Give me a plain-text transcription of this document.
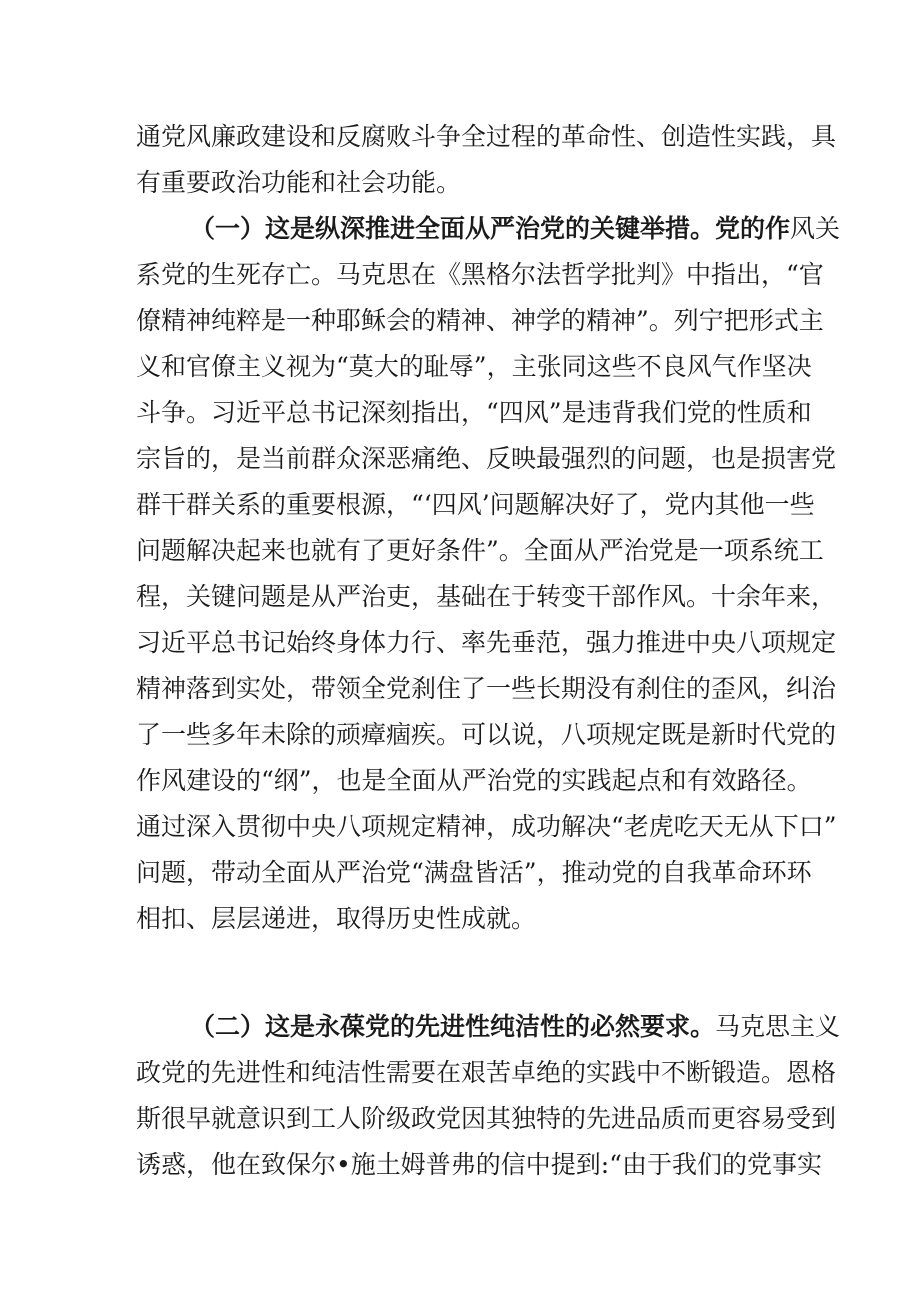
通党风廉政建设和反腐败斗争全过程的革命性、创造性实践，具
有重要政治功能和社会功能。
（一）这是纵深推进全面从严治党的关键举措。党的作风关
系党的生死存亡。马克思在《黑格尔法哲学批判》中指出，“官
僚精神纯粹是一种耶稣会的精神、神学的精神”。列宁把形式主
义和官僚主义视为“莫大的耻辱”，主张同这些不良风气作坚决
斗争。习近平总书记深刻指出，“四风”是违背我们党的性质和
宗旨的，是当前群众深恶痛绝、反映最强烈的问题，也是损害党
群干群关系的重要根源，“‘四风’问题解决好了，党内其他一些
问题解决起来也就有了更好条件”。全面从严治党是一项系统工
程，关键问题是从严治吏，基础在于转变干部作风。十余年来，
习近平总书记始终身体力行、率先垂范，强力推进中央八项规定
精神落到实处，带领全党刹住了一些长期没有刹住的歪风，纠治
了一些多年未除的顽瘴痼疾。可以说，八项规定既是新时代党的
作风建设的“纲”，也是全面从严治党的实践起点和有效路径。
通过深入贯彻中央八项规定精神，成功解决“老虎吃天无从下口”
问题，带动全面从严治党“满盘皆活”，推动党的自我革命环环
相扣、层层递进，取得历史性成就。
（二）这是永葆党的先进性纯洁性的必然要求。马克思主义
政党的先进性和纯洁性需要在艰苦卓绝的实践中不断锻造。恩格
斯很早就意识到工人阶级政党因其独特的先进品质而更容易受到
诱惑，他在致保尔•施土姆普弗的信中提到:“由于我们的党事实
